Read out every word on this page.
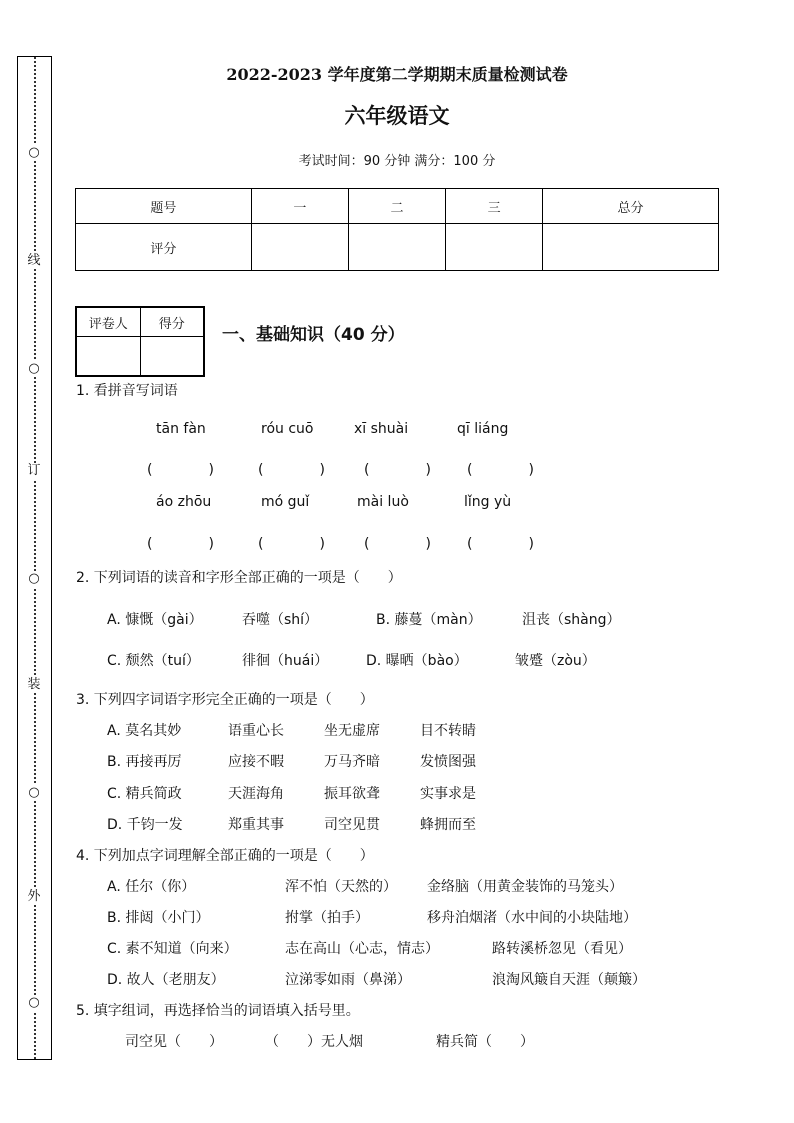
○
线
○
订
○
装
○
外
○
2022-2023 学年度第二学期期末质量检测试卷
六年级语文
考试时间：90 分钟 满分：100 分
题号	一	二	三	总分
评分				
评卷人	得分

一、基础知识（40 分）
1. 看拼音写词语
tān fàn	róu cuō	xī shuài	qī liáng
(　　　　)	(　　　　)	(　　　　)	(　　　　)
áo zhōu	mó guǐ	mài luò	lǐng yù
(　　　　)	(　　　　)	(　　　　)	(　　　　)
2. 下列词语的读音和字形全部正确的一项是（　　）
A. 慷慨（gài）	吞噬（shí）	B. 藤蔓（màn）	沮丧（shàng）
C. 颓然（tuí）	徘徊（huái）	D. 曝晒（bào）	皱蹙（zòu）
3. 下列四字词语字形完全正确的一项是（　　）
A. 莫名其妙	语重心长	坐无虚席	目不转睛
B. 再接再厉	应接不暇	万马齐暗	发愤图强
C. 精兵简政	天涯海角	振耳欲聋	实事求是
D. 千钧一发	郑重其事	司空见贯	蜂拥而至
4. 下列加点字词理解全部正确的一项是（　　）
A. 任尔（你）	浑不怕（天然的） 金络脑（用黄金装饰的马笼头）
B. 排闼（小门）	拊掌（拍手）	移舟泊烟渚（水中间的小块陆地）
C. 素不知道（向来）	志在高山（心志，情志）	路转溪桥忽见（看见）
D. 故人（老朋友）	泣涕零如雨（鼻涕）	浪淘风簸自天涯（颠簸）
5. 填字组词，再选择恰当的词语填入括号里。
司空见（　　）	（　　）无人烟	精兵简（　　）
